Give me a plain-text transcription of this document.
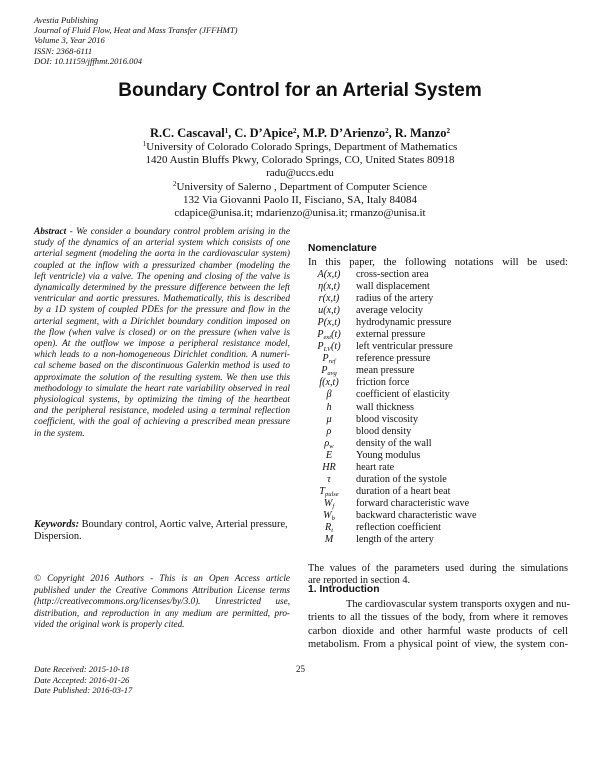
Avestia Publishing
Journal of Fluid Flow, Heat and Mass Transfer (JFFHMT)
Volume 3, Year 2016
ISSN: 2368-6111
DOI: 10.11159/jffhmt.2016.004
Boundary Control for an Arterial System
R.C. Cascaval$^1$, C. D’Apice$^2$, M.P. D’Arienzo$^2$, R. Manzo$^2$
$^1$University of Colorado Colorado Springs, Department of Mathematics
1420 Austin Bluffs Pkwy, Colorado Springs, CO, United States 80918
radu@uccs.edu
$^2$University of Salerno , Department of Computer Science
132 Via Giovanni Paolo II, Fisciano, SA, Italy 84084
cdapice@unisa.it; mdarienzo@unisa.it; rmanzo@unisa.it
Abstract - We consider a boundary control problem arising in the
study of the dynamics of an arterial system which consists of one
arterial segment (modeling the aorta in the cardiovascular system)
coupled at the inflow with a pressurized chamber (modeling the
left ventricle) via a valve. The opening and closing of the valve is
dynamically determined by the pressure difference between the left
ventricular and aortic pressures. Mathematically, this is described
by a 1D system of coupled PDEs for the pressure and flow in the
arterial segment, with a Dirichlet boundary condition imposed on
the flow (when valve is closed) or on the pressure (when valve is
open). At the outflow we impose a peripheral resistance model,
which leads to a non-homogeneous Dirichlet condition. A numeri-
cal scheme based on the discontinuous Galerkin method is used to
approximate the solution of the resulting system. We then use this
methodology to simulate the heart rate variability observed in real
physiological systems, by optimizing the timing of the heartbeat
and the peripheral resistance, modeled using a terminal reflection
coefficient, with the goal of achieving a prescribed mean pressure
in the system.
Keywords: Boundary control, Aortic valve, Arterial pressure, Dispersion.
© Copyright 2016 Authors - This is an Open Access article
published under the Creative Commons Attribution License terms
(http://creativecommons.org/licenses/by/3.0). Unrestricted use,
distribution, and reproduction in any medium are permitted, pro-
vided the original work is properly cited.
Date Received: 2015-10-18
Date Accepted: 2016-01-26
Date Published: 2016-03-17
25
Nomenclature
In this paper, the following notations will be used:
A(x,t)	cross-section area
η(x,t)	wall displacement
r(x,t)	radius of the artery
u(x,t)	average velocity
P(x,t)	hydrodynamic pressure
$P_{ext}(t)$	external pressure
$P_{LV}(t)$	left ventricular pressure
$P_{ref}$	reference pressure
$P_{avg}$	mean pressure
f(x,t)	friction force
β	coefficient of elasticity
h	wall thickness
μ	blood viscosity
ρ	blood density
$\rho_w$	density of the wall
E	Young modulus
HR	heart rate
τ	duration of the systole
$T_{pulse}$	duration of a heart beat
$W_f$	forward characteristic wave
$W_b$	backward characteristic wave
$R_t$	reflection coefficient
M	length of the artery
The values of the parameters used during the simulations
are reported in section 4.
1. Introduction
The cardiovascular system transports oxygen and nu-
trients to all the tissues of the body, from where it removes
carbon dioxide and other harmful waste products of cell
metabolism. From a physical point of view, the system con-
